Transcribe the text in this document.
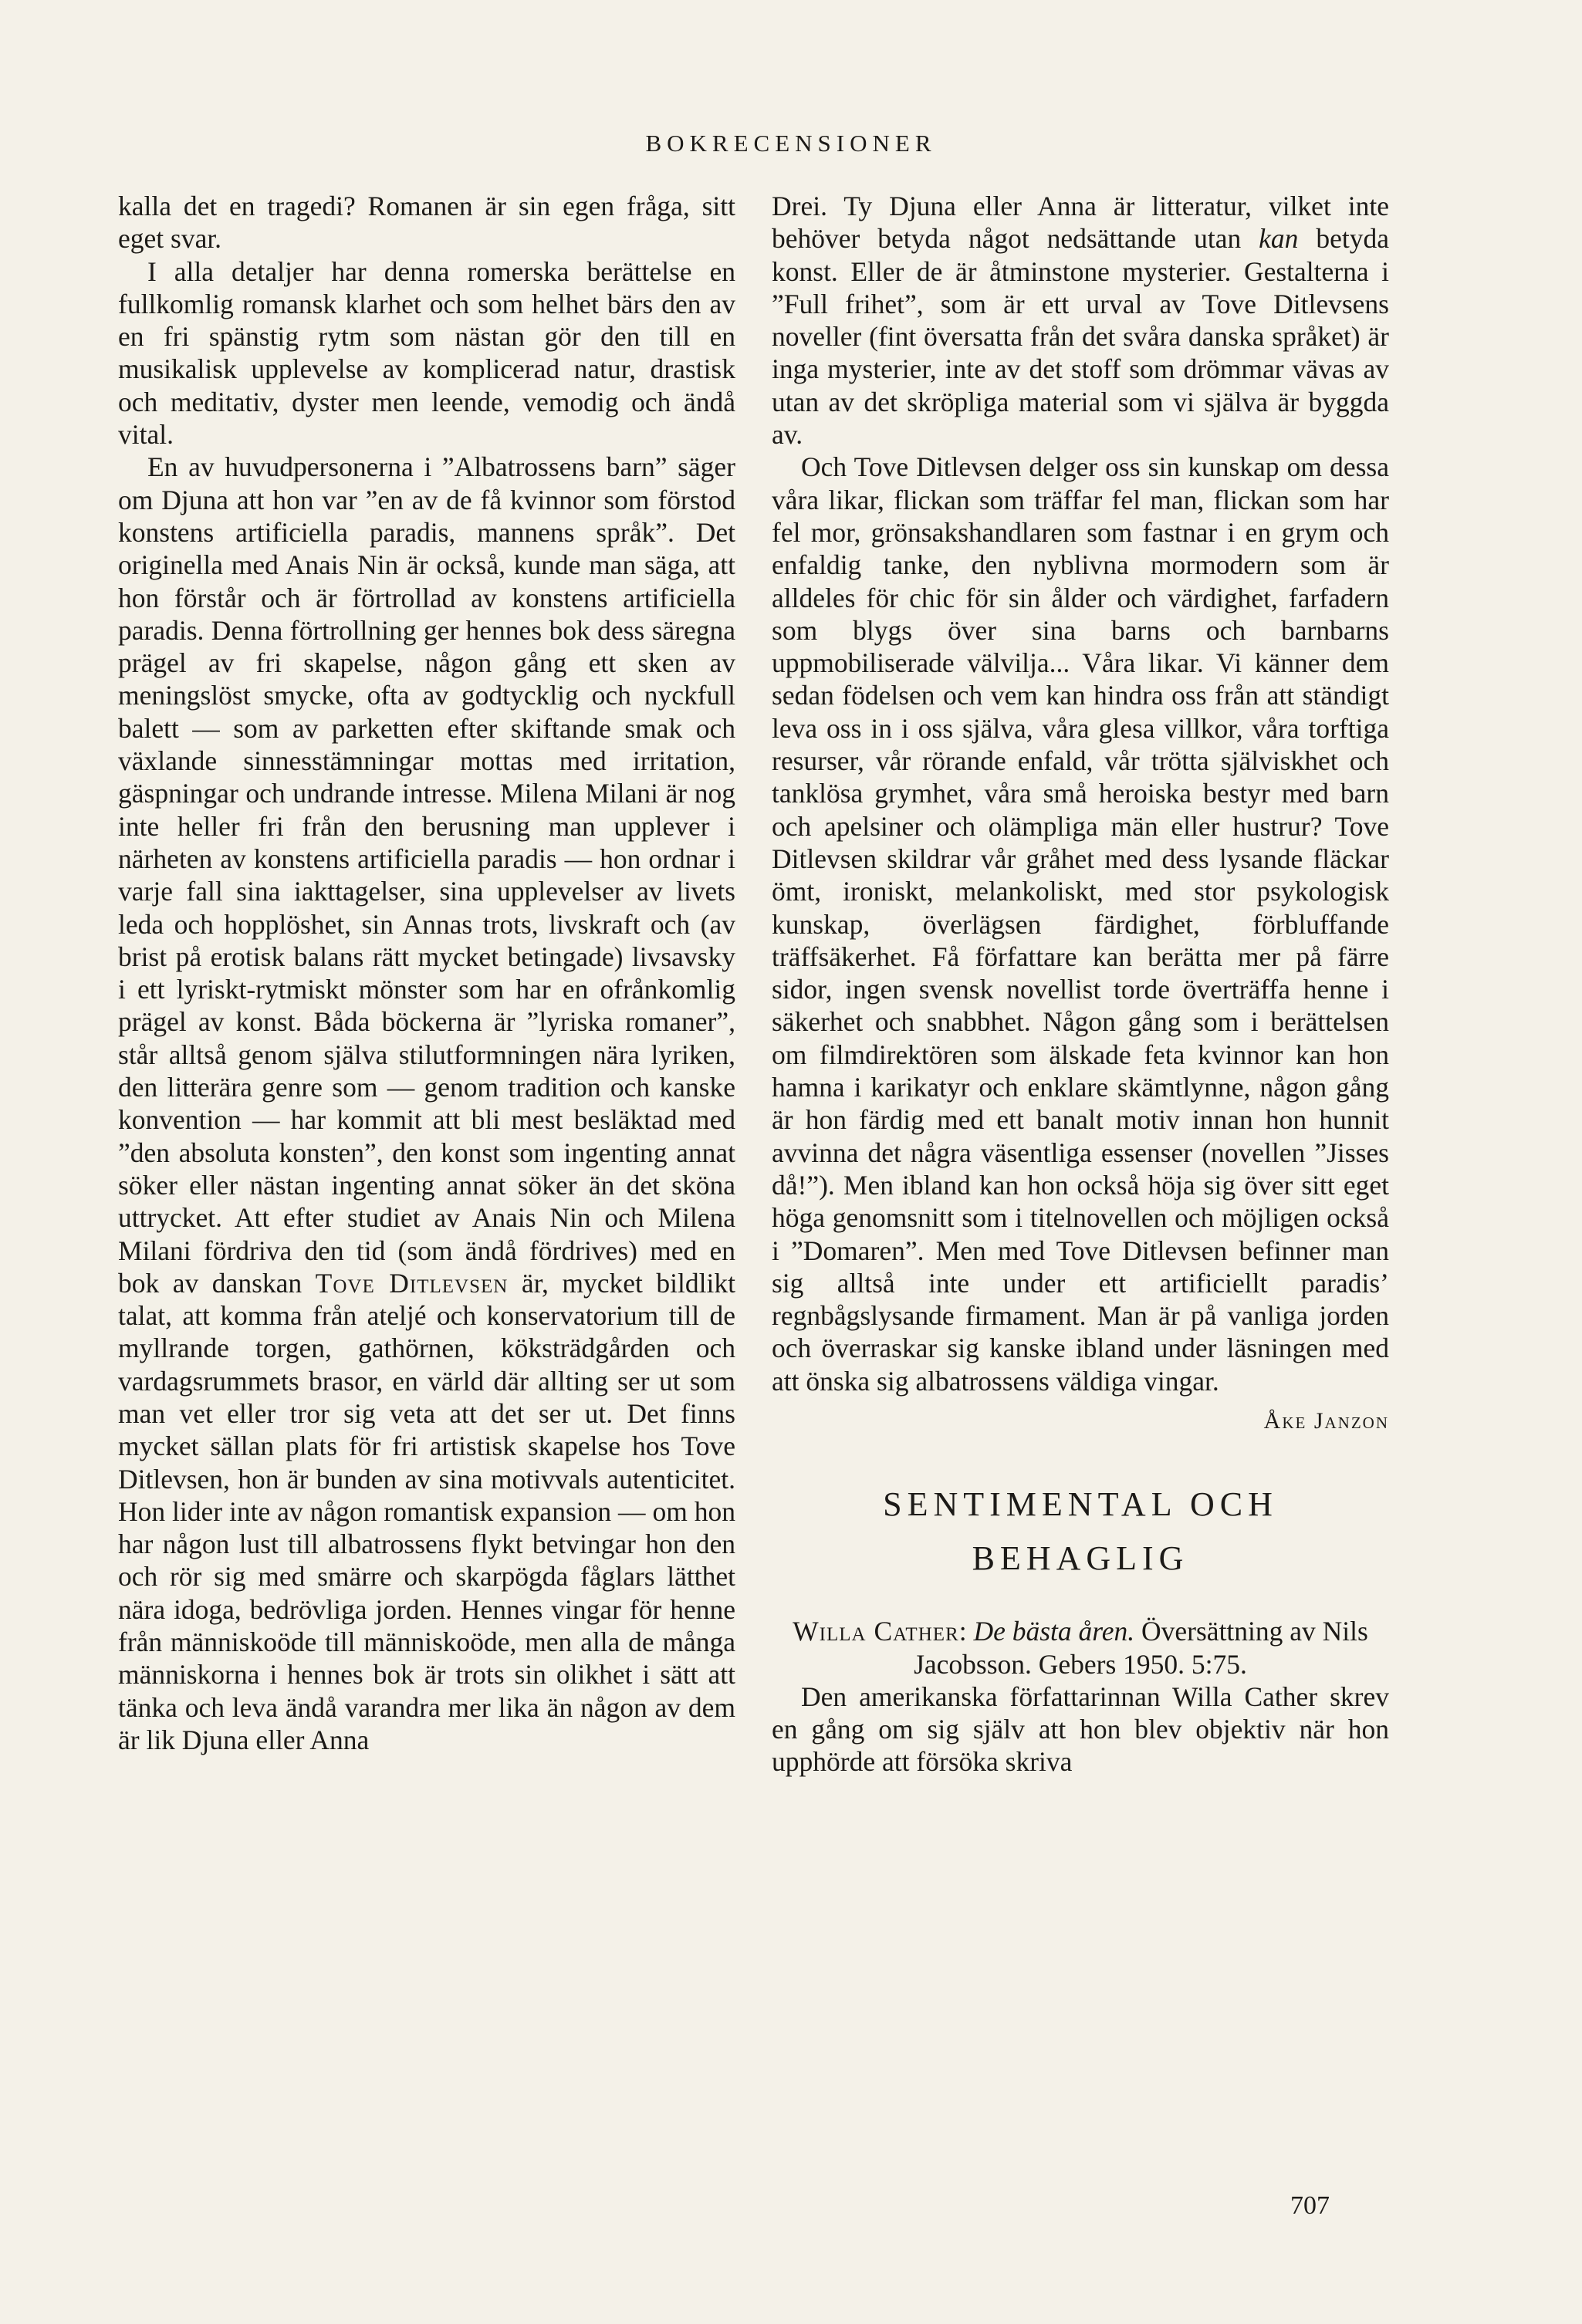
BOKRECENSIONER

kalla det en tragedi? Romanen är sin egen fråga, sitt eget svar.

I alla detaljer har denna romerska berättelse en fullkomlig romansk klarhet och som helhet bärs den av en fri spänstig rytm som nästan gör den till en musikalisk upplevelse av komplicerad natur, drastisk och meditativ, dyster men leende, vemodig och ändå vital.

En av huvudpersonerna i ”Albatrossens barn” säger om Djuna att hon var ”en av de få kvinnor som förstod konstens artificiella paradis, mannens språk”. Det originella med Anais Nin är också, kunde man säga, att hon förstår och är förtrollad av konstens artificiella paradis. Denna förtrollning ger hennes bok dess säregna prägel av fri skapelse, någon gång ett sken av meningslöst smycke, ofta av godtycklig och nyckfull balett — som av parketten efter skiftande smak och växlande sinnesstämningar mottas med irritation, gäspningar och undrande intresse. Milena Milani är nog inte heller fri från den berusning man upplever i närheten av konstens artificiella paradis — hon ordnar i varje fall sina iakttagelser, sina upplevelser av livets leda och hopplöshet, sin Annas trots, livskraft och (av brist på erotisk balans rätt mycket betingade) livsavsky i ett lyriskt-rytmiskt mönster som har en ofrånkomlig prägel av konst. Båda böckerna är ”lyriska romaner”, står alltså genom själva stilutformningen nära lyriken, den litterära genre som — genom tradition och kanske konvention — har kommit att bli mest besläktad med ”den absoluta konsten”, den konst som ingenting annat söker eller nästan ingenting annat söker än det sköna uttrycket. Att efter studiet av Anais Nin och Milena Milani fördriva den tid (som ändå fördrives) med en bok av danskan Tove Ditlevsen är, mycket bildlikt talat, att komma från ateljé och konservatorium till de myllrande torgen, gathörnen, köksträdgården och vardagsrummets brasor, en värld där allting ser ut som man vet eller tror sig veta att det ser ut. Det finns mycket sällan plats för fri artistisk skapelse hos Tove Ditlevsen, hon är bunden av sina motivvals autenticitet. Hon lider inte av någon romantisk expansion — om hon har någon lust till albatrossens flykt betvingar hon den och rör sig med smärre och skarpögda fåglars lätthet nära idoga, bedrövliga jorden. Hennes vingar för henne från människoöde till människoöde, men alla de många människorna i hennes bok är trots sin olikhet i sätt att tänka och leva ändå varandra mer lika än någon av dem är lik Djuna eller Anna

Drei. Ty Djuna eller Anna är litteratur, vilket inte behöver betyda något nedsättande utan kan betyda konst. Eller de är åtminstone mysterier. Gestalterna i ”Full frihet”, som är ett urval av Tove Ditlevsens noveller (fint översatta från det svåra danska språket) är inga mysterier, inte av det stoff som drömmar vävas av utan av det skröpliga material som vi själva är byggda av.

Och Tove Ditlevsen delger oss sin kunskap om dessa våra likar, flickan som träffar fel man, flickan som har fel mor, grönsakshandlaren som fastnar i en grym och enfaldig tanke, den nyblivna mormodern som är alldeles för chic för sin ålder och värdighet, farfadern som blygs över sina barns och barnbarns uppmobiliserade välvilja... Våra likar. Vi känner dem sedan födelsen och vem kan hindra oss från att ständigt leva oss in i oss själva, våra glesa villkor, våra torftiga resurser, vår rörande enfald, vår trötta själviskhet och tanklösa grymhet, våra små heroiska bestyr med barn och apelsiner och olämpliga män eller hustrur? Tove Ditlevsen skildrar vår gråhet med dess lysande fläckar ömt, ironiskt, melankoliskt, med stor psykologisk kunskap, överlägsen färdighet, förbluffande träffsäkerhet. Få författare kan berätta mer på färre sidor, ingen svensk novellist torde överträffa henne i säkerhet och snabbhet. Någon gång som i berättelsen om filmdirektören som älskade feta kvinnor kan hon hamna i karikatyr och enklare skämtlynne, någon gång är hon färdig med ett banalt motiv innan hon hunnit avvinna det några väsentliga essenser (novellen ”Jisses då!”). Men ibland kan hon också höja sig över sitt eget höga genomsnitt som i titelnovellen och möjligen också i ”Domaren”. Men med Tove Ditlevsen befinner man sig alltså inte under ett artificiellt paradis’ regnbågslysande firmament. Man är på vanliga jorden och överraskar sig kanske ibland under läsningen med att önska sig albatrossens väldiga vingar.

Åke Janzon
SENTIMENTAL OCH
BEHAGLIG

Willa Cather: De bästa åren. Översättning av Nils Jacobsson. Gebers 1950. 5:75.

Den amerikanska författarinnan Willa Cather skrev en gång om sig själv att hon blev objektiv när hon upphörde att försöka skriva

707
